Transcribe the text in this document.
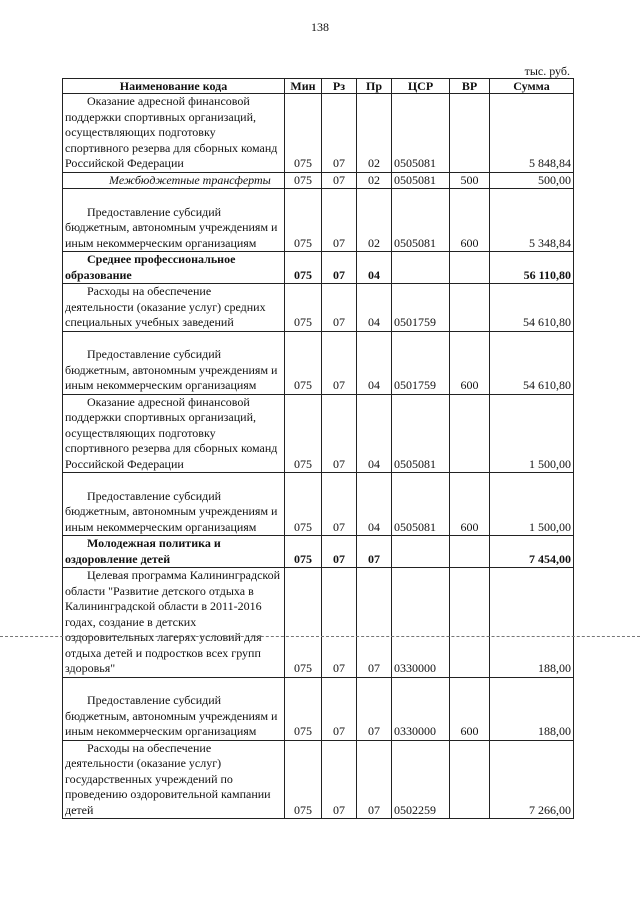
138
тыс. руб.
Наименование кода	Мин	Рз	Пр	ЦСР	ВР	Сумма
Оказание адресной финансовой поддержки спортивных организаций, осуществляющих подготовку спортивного резерва для сборных команд Российской Федерации	075	07	02	0505081		5 848,84
Межбюджетные трансферты	075	07	02	0505081	500	500,00
Предоставление субсидий бюджетным, автономным учреждениям и иным некоммерческим организациям	075	07	02	0505081	600	5 348,84
Среднее профессиональное образование	075	07	04			56 110,80
Расходы на обеспечение деятельности (оказание услуг) средних специальных учебных заведений	075	07	04	0501759		54 610,80
Предоставление субсидий бюджетным, автономным учреждениям и иным некоммерческим организациям	075	07	04	0501759	600	54 610,80
Оказание адресной финансовой поддержки спортивных организаций, осуществляющих подготовку спортивного резерва для сборных команд Российской Федерации	075	07	04	0505081		1 500,00
Предоставление субсидий бюджетным, автономным учреждениям и иным некоммерческим организациям	075	07	04	0505081	600	1 500,00
Молодежная политика и оздоровление детей	075	07	07			7 454,00
Целевая программа Калининградской области "Развитие детского отдыха в Калининградской области в 2011-2016 годах, создание в детских оздоровительных лагерях условий для отдыха детей и подростков всех групп здоровья"	075	07	07	0330000		188,00
Предоставление субсидий бюджетным, автономным учреждениям и иным некоммерческим организациям	075	07	07	0330000	600	188,00
Расходы на обеспечение деятельности (оказание услуг) государственных учреждений по проведению оздоровительной кампании детей	075	07	07	0502259		7 266,00
